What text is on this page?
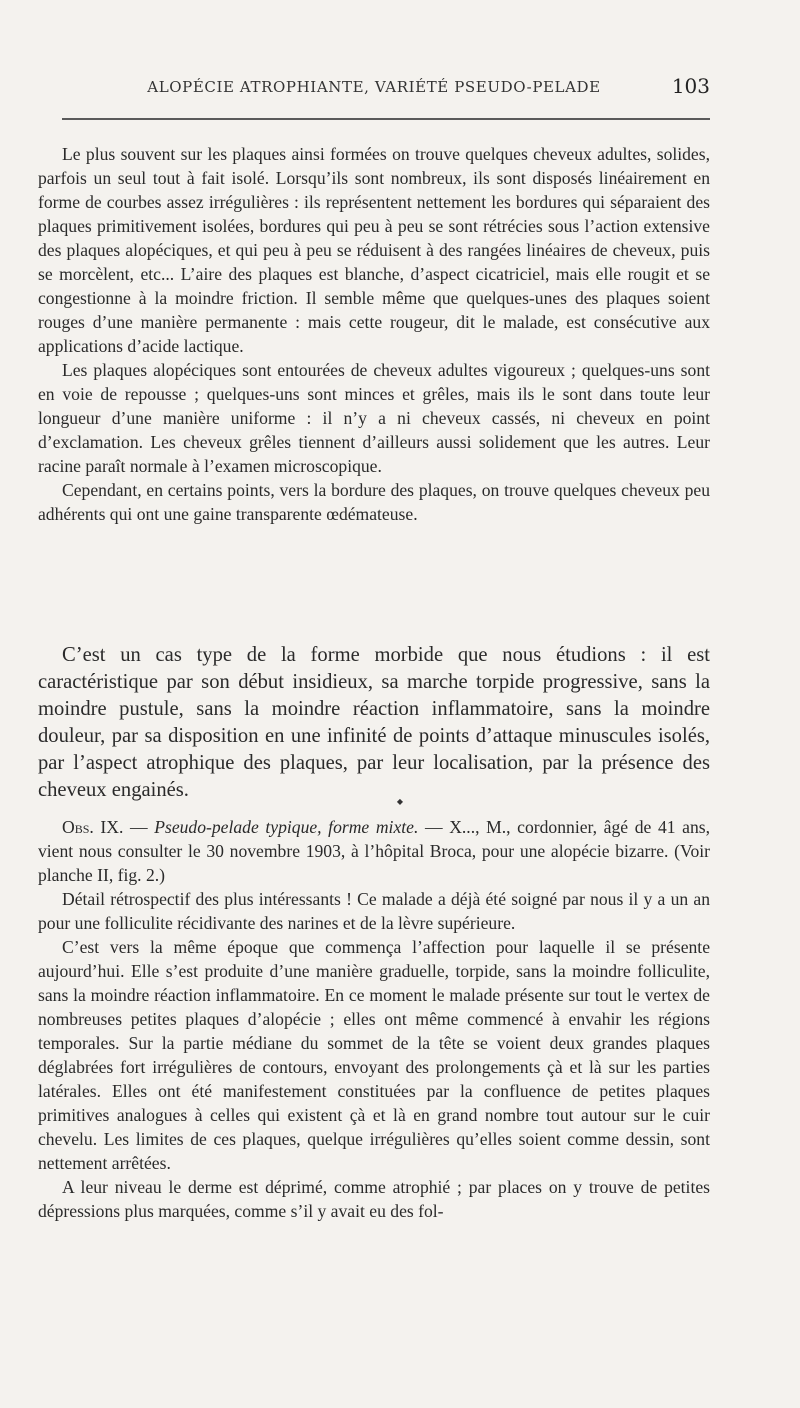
ALOPÉCIE ATROPHIANTE, VARIÉTÉ PSEUDO-PELADE	103

Le plus souvent sur les plaques ainsi formées on trouve quelques cheveux adultes, solides, parfois un seul tout à fait isolé. Lorsqu’ils sont nombreux, ils sont disposés linéairement en forme de courbes assez irrégulières : ils représentent nettement les bordures qui séparaient des plaques primitivement isolées, bordures qui peu à peu se sont rétrécies sous l’action extensive des plaques alopéciques, et qui peu à peu se réduisent à des rangées linéaires de cheveux, puis se morcèlent, etc... L’aire des plaques est blanche, d’aspect cicatriciel, mais elle rougit et se congestionne à la moindre friction. Il semble même que quelques-unes des plaques soient rouges d’une manière permanente : mais cette rougeur, dit le malade, est consécutive aux applications d’acide lactique.

Les plaques alopéciques sont entourées de cheveux adultes vigoureux ; quelques-uns sont en voie de repousse ; quelques-uns sont minces et grêles, mais ils le sont dans toute leur longueur d’une manière uniforme : il n’y a ni cheveux cassés, ni cheveux en point d’exclamation. Les cheveux grêles tiennent d’ailleurs aussi solidement que les autres. Leur racine paraît normale à l’examen microscopique.

Cependant, en certains points, vers la bordure des plaques, on trouve quelques cheveux peu adhérents qui ont une gaine transparente œdémateuse.

C’est un cas type de la forme morbide que nous étudions : il est caractéristique par son début insidieux, sa marche torpide progressive, sans la moindre pustule, sans la moindre réaction inflammatoire, sans la moindre douleur, par sa disposition en une infinité de points d’attaque minuscules isolés, par l’aspect atrophique des plaques, par leur localisation, par la présence des cheveux engainés.

◆

Obs. IX. — Pseudo-pelade typique, forme mixte. — X..., M., cordonnier, âgé de 41 ans, vient nous consulter le 30 novembre 1903, à l’hôpital Broca, pour une alopécie bizarre. (Voir planche II, fig. 2.)

Détail rétrospectif des plus intéressants ! Ce malade a déjà été soigné par nous il y a un an pour une folliculite récidivante des narines et de la lèvre supérieure.

C’est vers la même époque que commença l’affection pour laquelle il se présente aujourd’hui. Elle s’est produite d’une manière graduelle, torpide, sans la moindre folliculite, sans la moindre réaction inflammatoire. En ce moment le malade présente sur tout le vertex de nombreuses petites plaques d’alopécie ; elles ont même commencé à envahir les régions temporales. Sur la partie médiane du sommet de la tête se voient deux grandes plaques déglabrées fort irrégulières de contours, envoyant des prolongements çà et là sur les parties latérales. Elles ont été manifestement constituées par la confluence de petites plaques primitives analogues à celles qui existent çà et là en grand nombre tout autour sur le cuir chevelu. Les limites de ces plaques, quelque irrégulières qu’elles soient comme dessin, sont nettement arrêtées.

A leur niveau le derme est déprimé, comme atrophié ; par places on y trouve de petites dépressions plus marquées, comme s’il y avait eu des fol-
